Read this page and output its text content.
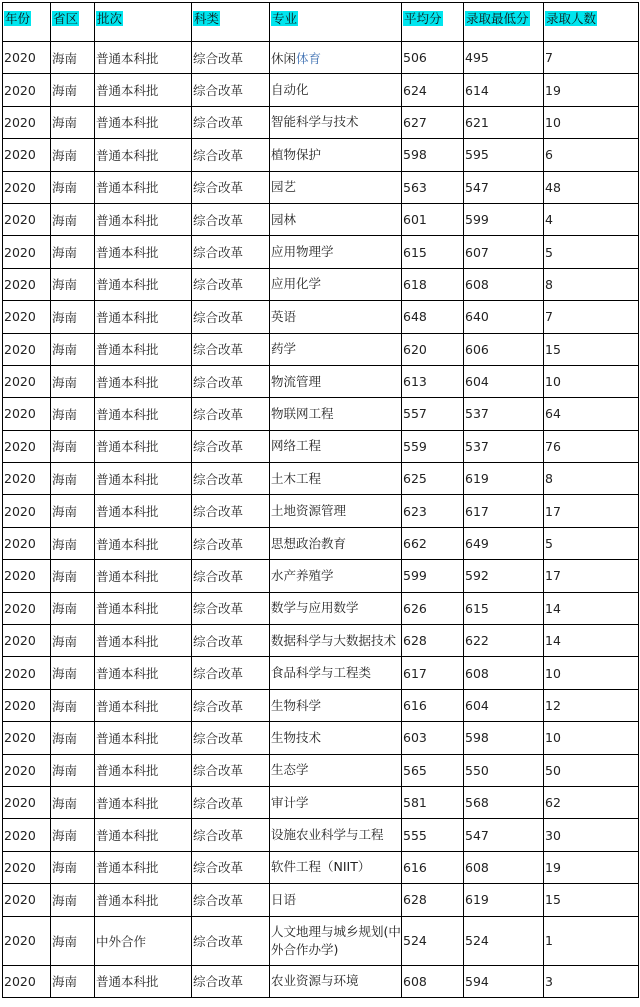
年份	省区	批次	科类	专业	平均分	录取最低分	录取人数
2020	海南	普通本科批	综合改革	休闲体育	506	495	7
2020	海南	普通本科批	综合改革	自动化	624	614	19
2020	海南	普通本科批	综合改革	智能科学与技术	627	621	10
2020	海南	普通本科批	综合改革	植物保护	598	595	6
2020	海南	普通本科批	综合改革	园艺	563	547	48
2020	海南	普通本科批	综合改革	园林	601	599	4
2020	海南	普通本科批	综合改革	应用物理学	615	607	5
2020	海南	普通本科批	综合改革	应用化学	618	608	8
2020	海南	普通本科批	综合改革	英语	648	640	7
2020	海南	普通本科批	综合改革	药学	620	606	15
2020	海南	普通本科批	综合改革	物流管理	613	604	10
2020	海南	普通本科批	综合改革	物联网工程	557	537	64
2020	海南	普通本科批	综合改革	网络工程	559	537	76
2020	海南	普通本科批	综合改革	土木工程	625	619	8
2020	海南	普通本科批	综合改革	土地资源管理	623	617	17
2020	海南	普通本科批	综合改革	思想政治教育	662	649	5
2020	海南	普通本科批	综合改革	水产养殖学	599	592	17
2020	海南	普通本科批	综合改革	数学与应用数学	626	615	14
2020	海南	普通本科批	综合改革	数据科学与大数据技术	628	622	14
2020	海南	普通本科批	综合改革	食品科学与工程类	617	608	10
2020	海南	普通本科批	综合改革	生物科学	616	604	12
2020	海南	普通本科批	综合改革	生物技术	603	598	10
2020	海南	普通本科批	综合改革	生态学	565	550	50
2020	海南	普通本科批	综合改革	审计学	581	568	62
2020	海南	普通本科批	综合改革	设施农业科学与工程	555	547	30
2020	海南	普通本科批	综合改革	软件工程（NIIT）	616	608	19
2020	海南	普通本科批	综合改革	日语	628	619	15
2020	海南	中外合作	综合改革	人文地理与城乡规划(中外合作办学)	524	524	1
2020	海南	普通本科批	综合改革	农业资源与环境	608	594	3
